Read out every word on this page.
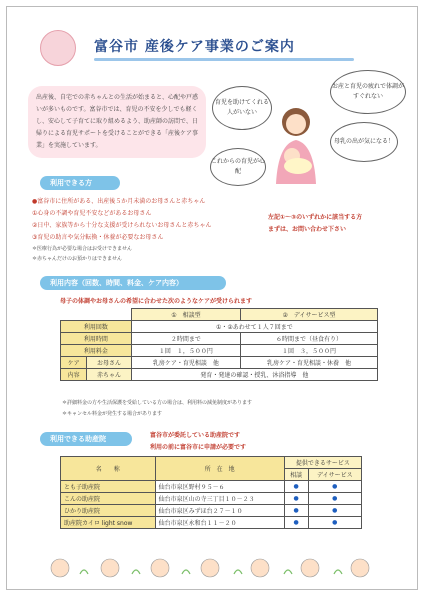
富谷市 産後ケア事業のご案内
出産後、自宅での赤ちゃんとの生活が始まると、心配や戸惑いが多いものです。富谷市では、育児の不安を少しでも軽くし、安心して子育てに取り組めるよう、助産師の訪問で、日帰りによる育児サポートを受けることができる「産後ケア事業」を実施しています。
育児を助けてくれる人がいない
お産と育児の疲れで体調がすぐれない
これからの育児が心配
母乳の出が気になる！
利用できる方
●富谷市に住所がある、出産後５か月未満のお母さんと赤ちゃん
①心身の不調や育児不安などがあるお母さん
②日中、家族等から十分な支援が受けられないお母さんと赤ちゃん
③育児の助言や気分転換・休養が必要なお母さん
＊医療行為が必要な場合はお受けできません
＊赤ちゃんだけのお預かりはできません
左記①～③のいずれかに該当する方
まずは、お問い合わせ下さい
利用内容（回数、時間、料金、ケア内容）
母子の体調やお母さんの希望に合わせた次のようなケアが受けられます
		①　相談型	②　デイサービス型
利用回数		①・②あわせて１人７回まで	
利用時間		２時間まで	６時間まで（昼食有り）
利用料金		１回　１，５００円	１回　３，５００円
ケア	お母さん	乳房ケア・育児相談　他	乳房ケア・育児相談・休養　他
内容	赤ちゃん	発育・発達の確認・授乳、沐浴指導　他	
＊詳細料金の方や生活保護を受給している方の場合は、利用料の減免制度があります
＊キャンセル料金が発生する場合があります
利用できる助産院	富谷市が委託している助産院です
利用の前に富谷市に申請が必要です
名　　称	所　在　地	提供できるサービス	
		相談	デイサービス
とも子助産院	仙台市泉区野村９５－６	●	●
こんの助産院	仙台市泉区山の寺三丁目１０－２３	●	●
ひかり助産院	仙台市泉区みずほ台２７－１０	●	●
助産院カイロ light snow	仙台市泉区永和台１１－２０	●	●
